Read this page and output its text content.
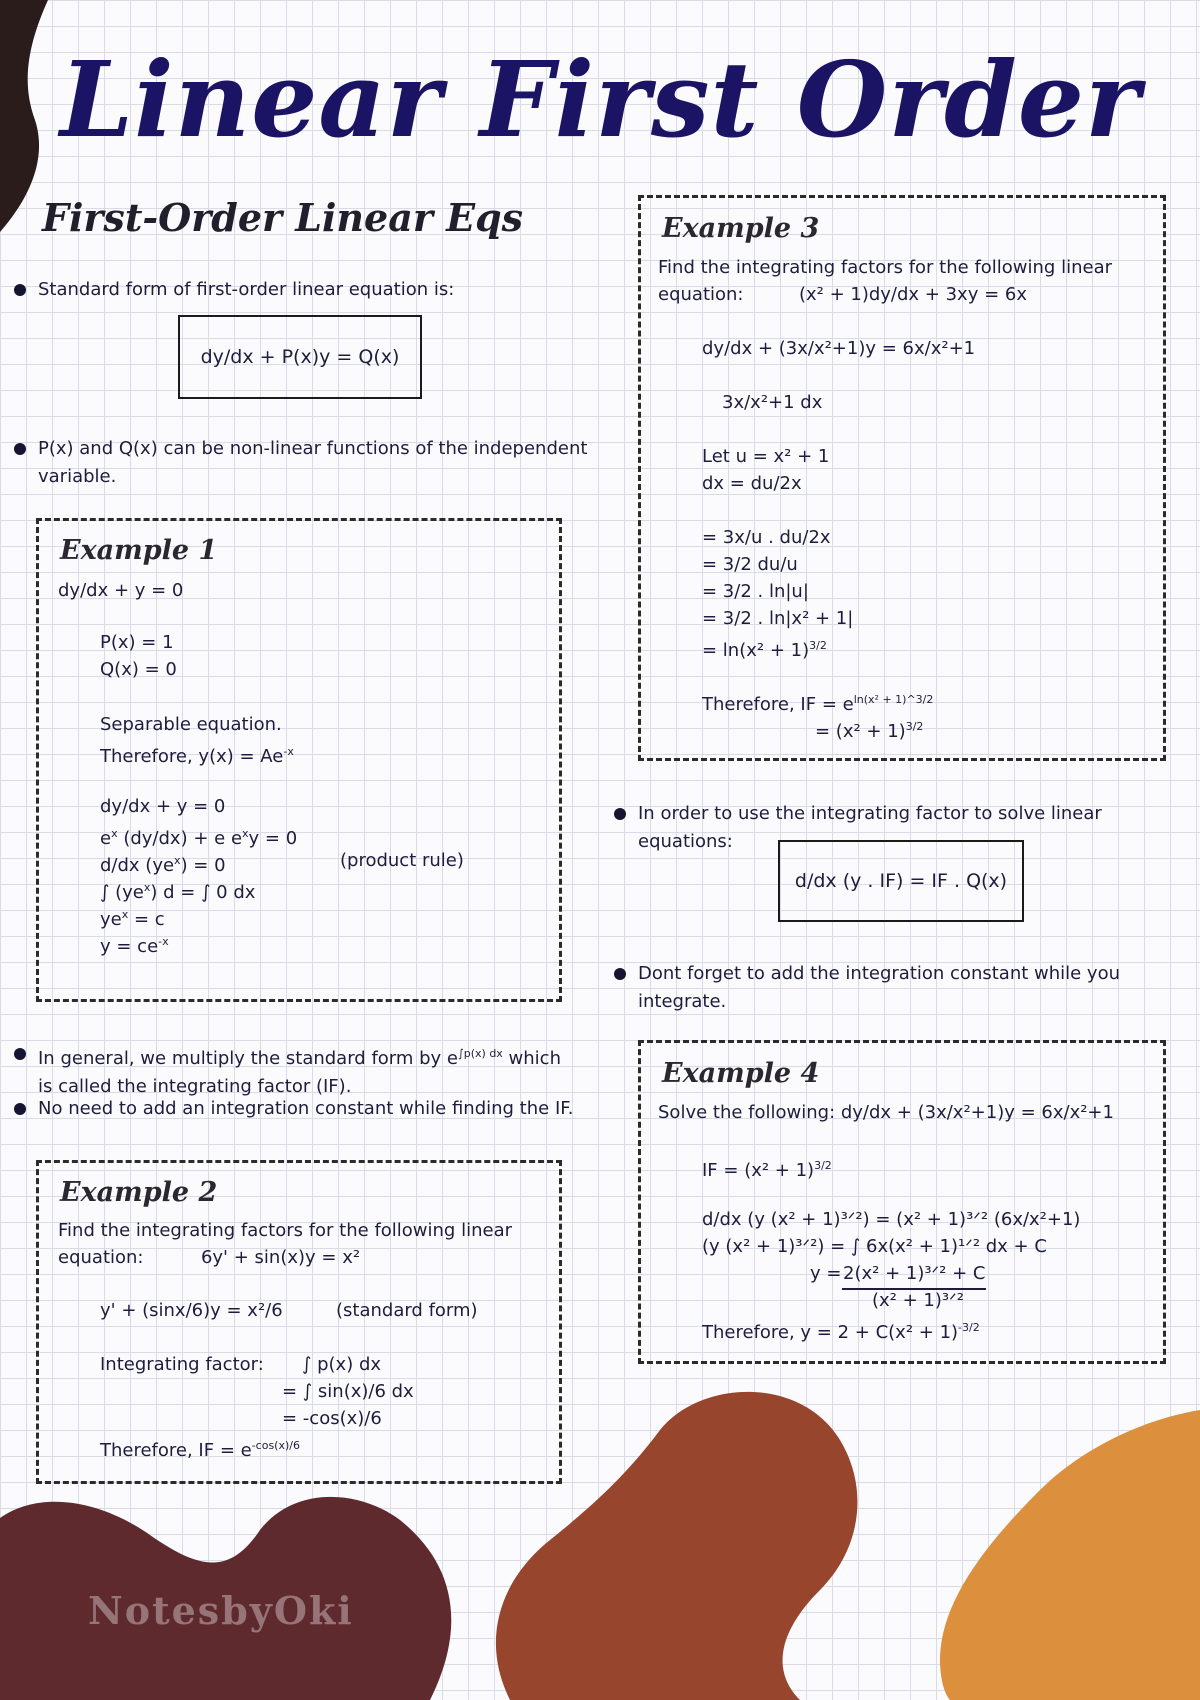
Linear First Order
First-Order Linear Eqs
Standard form of first-order linear equation is:
dy/dx + P(x)y = Q(x)
P(x) and Q(x) can be non-linear functions of the independent
variable.
Example 1
dy/dx + y = 0
P(x) = 1
Q(x) = 0
Separable equation.
Therefore, $y(x) = Ae^{-x}$
dy/dx + y = 0
$e^x$ (dy/dx) + e $e^xy = 0$
d/dx $(ye^x) = 0$	(product rule)
∫ $(ye^x) d$ = ∫ 0 dx
$ye^x = c$
$y = ce^{-x}$
In general, we multiply the standard form by $e^{\int p(x) dx}$ which
is called the integrating factor (IF).
No need to add an integration constant while finding the IF.
Example 2
Find the integrating factors for the following linear
equation:	6y' + sin(x)y = x²
y' + (sinx/6)y = x²/6	(standard form)
Integrating factor: ∫ p(x) dx
= ∫ sin(x)/6 dx
= -cos(x)/6
Therefore, IF = $e^{-cos(x)/6}$
Example 3
Find the integrating factors for the following linear
equation:	(x² + 1)dy/dx + 3xy = 6x
dy/dx + (3x/x²+1)y = 6x/x²+1
3x/x²+1 dx
Let u = x² + 1
dx = du/2x
= 3x/u . du/2x
= 3/2 du/u
= 3/2 . ln|u|
= 3/2 . ln|x² + 1|
= $\ln(x^2 + 1)^{3/2}$
Therefore, IF = $e^{ln(x^2 + 1)\^{}3/2}$
= $(x^2 + 1)^{3/2}$
In order to use the integrating factor to solve linear equations:
d/dx (y . IF) = IF . Q(x)
Dont forget to add the integration constant while you integrate.
Example 4
Solve the following: dy/dx + (3x/x²+1)y = 6x/x²+1
IF = $(x^2 + 1)^{3/2}$
d/dx (y (x² + 1)³ᐟ²) = (x² + 1)³ᐟ² (6x/x²+1)
(y (x² + 1)³ᐟ²) = ∫ 6x(x² + 1)¹ᐟ² dx + C
y = 2(x² + 1)³ᐟ² + C
(x² + 1)³ᐟ²
Therefore, $y = 2 + C(x^2 + 1)^{-3/2}$
NotesbyOki
